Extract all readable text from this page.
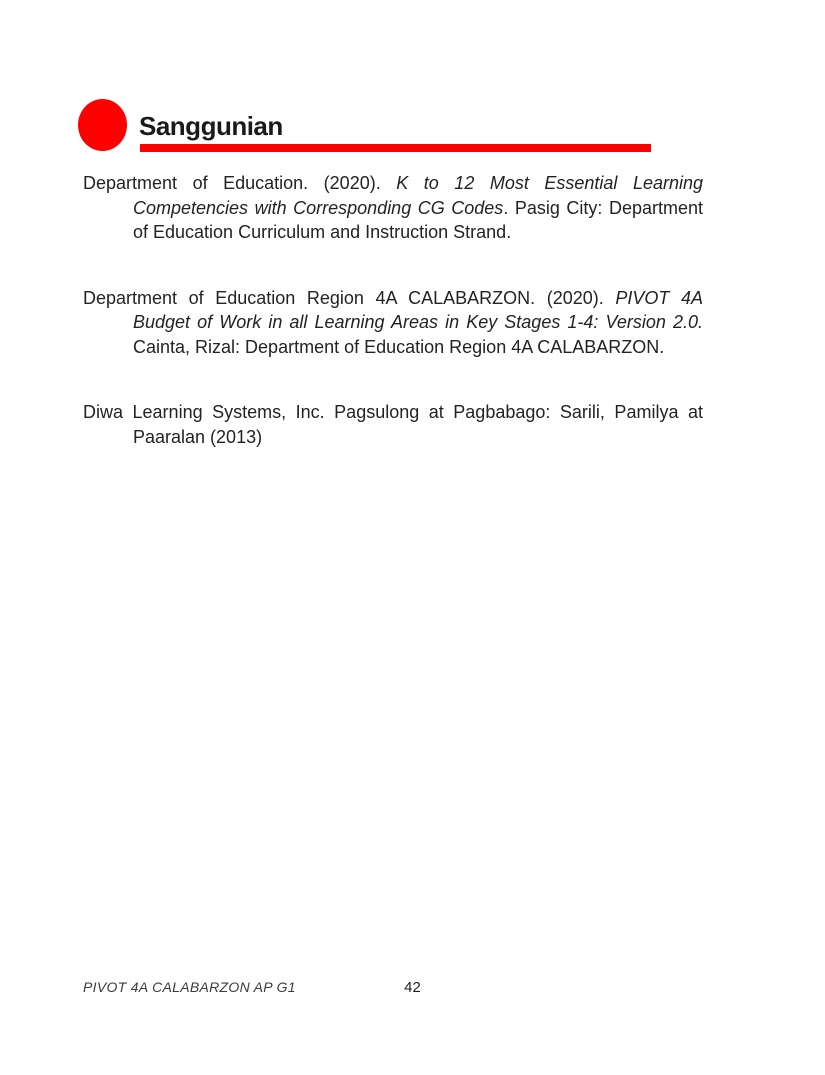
Sanggunian

Department of Education. (2020). K to 12 Most Essential Learning Competencies with Corresponding CG Codes. Pasig City: Department of Education Curriculum and Instruction Strand.

Department of Education Region 4A CALABARZON. (2020). PIVOT 4A Budget of Work in all Learning Areas in Key Stages 1-4: Version 2.0. Cainta, Rizal: Department of Education Region 4A CALABARZON.

Diwa Learning Systems, Inc. Pagsulong at Pagbabago: Sarili, Pamilya at Paaralan (2013)

PIVOT 4A CALABARZON AP G1	42
